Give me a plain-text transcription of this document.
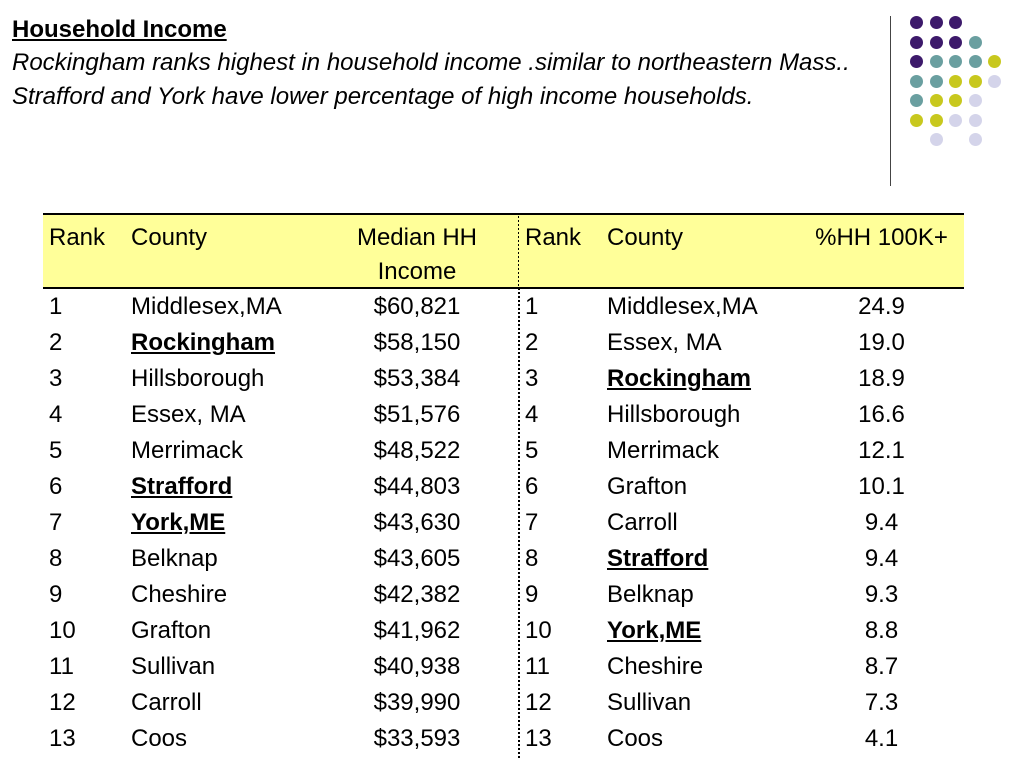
Household Income

Rockingham ranks highest in household income .similar to northeastern Mass.. Strafford and York have lower percentage of high income households.

Rank County	Median HH
Income
1	Middlesex,MA	$60,821
2	Rockingham	$58,150
3	Hillsborough	$53,384
4	Essex, MA	$51,576
5	Merrimack	$48,522
6	Strafford	$44,803
7	York,ME	$43,630
8	Belknap	$43,605
9	Cheshire	$42,382
10 Grafton	$41,962
11 Sullivan	$40,938
12 Carroll	$39,990
13 Coos	$33,593
Rank County	%HH 100K+
1	Middlesex,MA	24.9
2	Essex, MA	19.0
3	Rockingham	18.9
4	Hillsborough	16.6
5	Merrimack	12.1
6	Grafton	10.1
7	Carroll	9.4
8	Strafford	9.4
9	Belknap	9.3
10 York,ME	8.8
11 Cheshire	8.7
12 Sullivan	7.3
13 Coos	4.1
